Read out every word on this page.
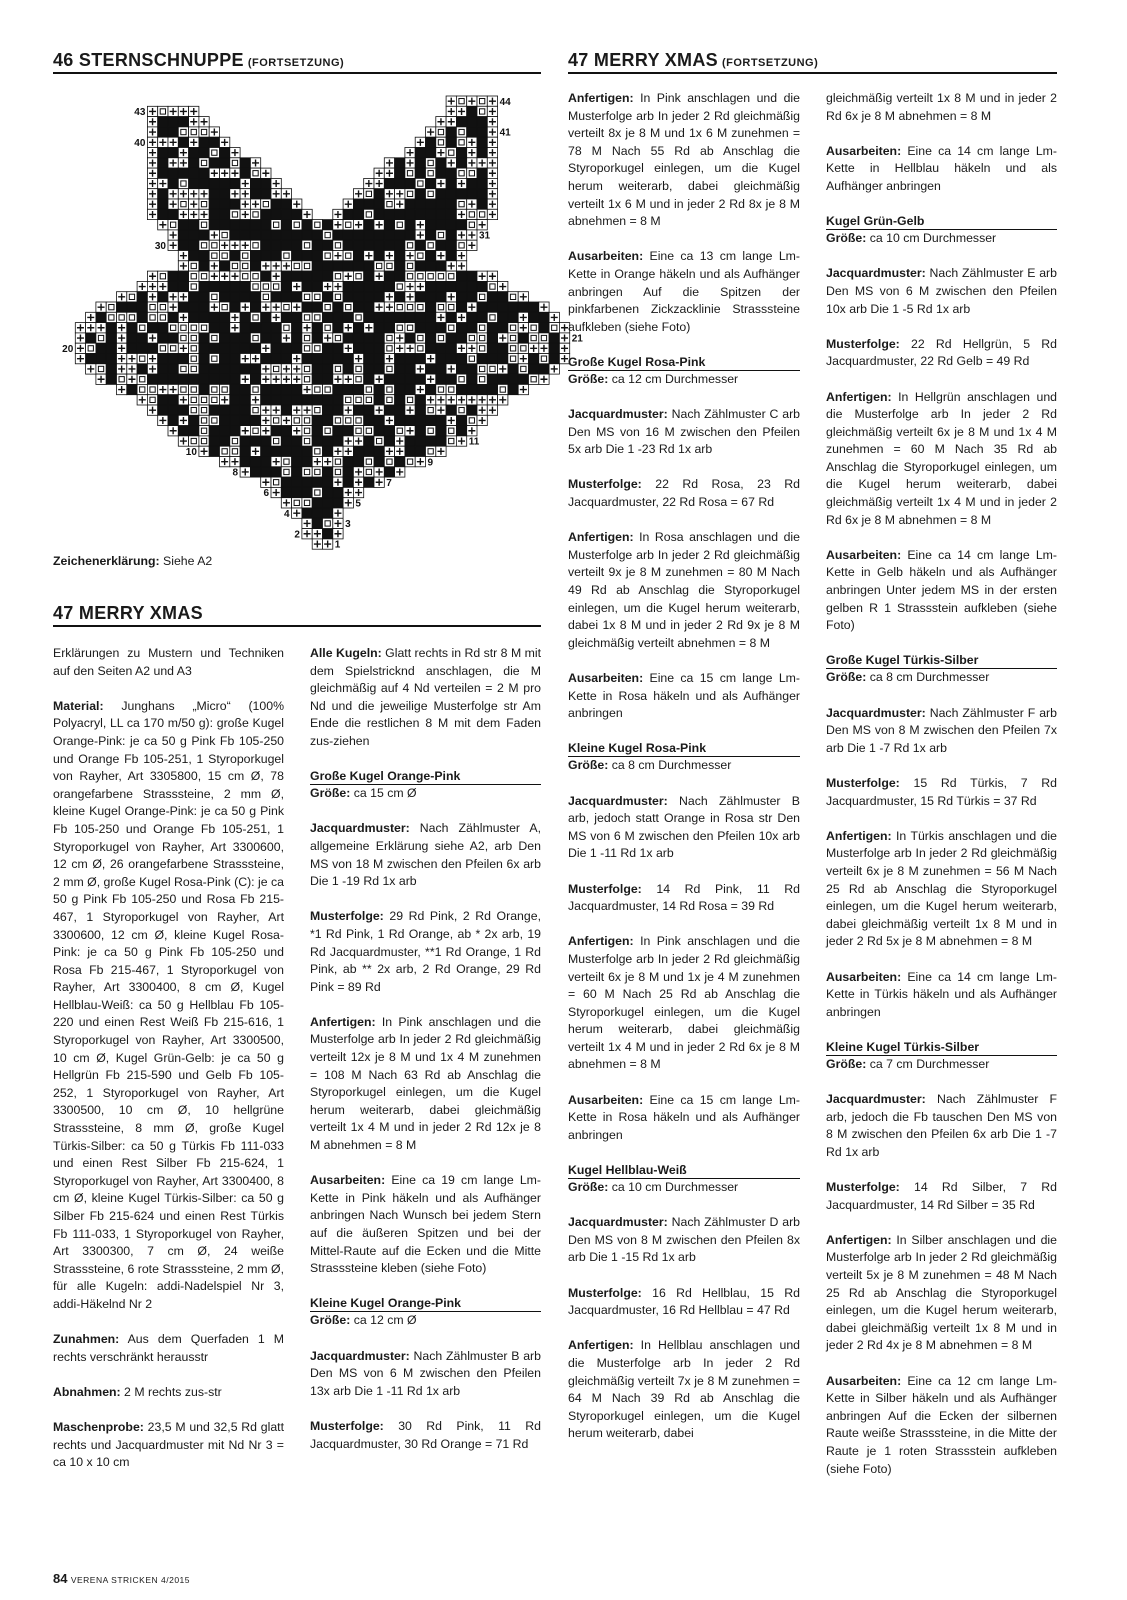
46 STERNSCHNUPPE (FORTSETZUNG)	47 MERRY XMAS (FORTSETZUNG)
43
44
40
41
30
31
20
21
10
11
8
9
6
7
4
5
2
3
1
Zeichenerklärung: Siehe A2
47 MERRY XMAS

Erklärungen zu Mustern und Techniken auf den Seiten A2 und A3

Material: Junghans „Micro“ (100% Polyacryl, LL ca 170 m/50 g): große Kugel Orange-Pink: je ca 50 g Pink Fb 105-250 und Orange Fb 105-251, 1 Styroporkugel von Rayher, Art 3305800, 15 cm Ø, 78 orangefarbene Strasssteine, 2 mm Ø, kleine Kugel Orange-Pink: je ca 50 g Pink Fb 105-250 und Orange Fb 105-251, 1 Styroporkugel von Rayher, Art 3300600, 12 cm Ø, 26 orangefarbene Strasssteine, 2 mm Ø, große Kugel Rosa-Pink (C): je ca 50 g Pink Fb 105-250 und Rosa Fb 215-467, 1 Styroporkugel von Rayher, Art 3300600, 12 cm Ø, kleine Kugel Rosa-Pink: je ca 50 g Pink Fb 105-250 und Rosa Fb 215-467, 1 Styroporkugel von Rayher, Art 3300400, 8 cm Ø, Kugel Hellblau-Weiß: ca 50 g Hellblau Fb 105-220 und einen Rest Weiß Fb 215-616, 1 Styroporkugel von Rayher, Art 3300500, 10 cm Ø, Kugel Grün-Gelb: je ca 50 g Hellgrün Fb 215-590 und Gelb Fb 105-252, 1 Styroporkugel von Rayher, Art 3300500, 10 cm Ø, 10 hellgrüne Strasssteine, 8 mm Ø, große Kugel Türkis-Silber: ca 50 g Türkis Fb 111-033 und einen Rest Silber Fb 215-624, 1 Styroporkugel von Rayher, Art 3300400, 8 cm Ø, kleine Kugel Türkis-Silber: ca 50 g Silber Fb 215-624 und einen Rest Türkis Fb 111-033, 1 Styroporkugel von Rayher, Art 3300300, 7 cm Ø, 24 weiße Strasssteine, 6 rote Strasssteine, 2 mm Ø, für alle Kugeln: addi-Nadelspiel Nr 3, addi-Häkelnd Nr 2

Zunahmen: Aus dem Querfaden 1 M rechts verschränkt herausstr

Abnahmen: 2 M rechts zus-str

Maschenprobe: 23,5 M und 32,5 Rd glatt rechts und Jacquardmuster mit Nd Nr 3 = ca 10 x 10 cm

Alle Kugeln: Glatt rechts in Rd str 8 M mit dem Spielstricknd anschlagen, die M gleichmäßig auf 4 Nd verteilen = 2 M pro Nd und die jeweilige Musterfolge str Am Ende die restlichen 8 M mit dem Faden zus-ziehen

Große Kugel Orange-Pink

Größe: ca 15 cm Ø

Jacquardmuster: Nach Zählmuster A, allgemeine Erklärung siehe A2, arb Den MS von 18 M zwischen den Pfeilen 6x arb Die 1 -19 Rd 1x arb

Musterfolge: 29 Rd Pink, 2 Rd Orange, *1 Rd Pink, 1 Rd Orange, ab * 2x arb, 19 Rd Jacquardmuster, **1 Rd Orange, 1 Rd Pink, ab ** 2x arb, 2 Rd Orange, 29 Rd Pink = 89 Rd

Anfertigen: In Pink anschlagen und die Musterfolge arb In jeder 2 Rd gleichmäßig verteilt 12x je 8 M und 1x 4 M zunehmen = 108 M Nach 63 Rd ab Anschlag die Styroporkugel einlegen, um die Kugel herum weiterarb, dabei gleichmäßig verteilt 1x 4 M und in jeder 2 Rd 12x je 8 M abnehmen = 8 M

Ausarbeiten: Eine ca 19 cm lange Lm-Kette in Pink häkeln und als Aufhänger anbringen Nach Wunsch bei jedem Stern auf die äußeren Spitzen und bei der Mittel-Raute auf die Ecken und die Mitte Strasssteine kleben (siehe Foto)

Kleine Kugel Orange-Pink

Größe: ca 12 cm Ø

Jacquardmuster: Nach Zählmuster B arb Den MS von 6 M zwischen den Pfeilen 13x arb Die 1 -11 Rd 1x arb

Musterfolge: 30 Rd Pink, 11 Rd Jacquardmuster, 30 Rd Orange = 71 Rd

Anfertigen: In Pink anschlagen und die Musterfolge arb In jeder 2 Rd gleichmäßig verteilt 8x je 8 M und 1x 6 M zunehmen = 78 M Nach 55 Rd ab Anschlag die Styroporkugel einlegen, um die Kugel herum weiterarb, dabei gleichmäßig verteilt 1x 6 M und in jeder 2 Rd 8x je 8 M abnehmen = 8 M

Ausarbeiten: Eine ca 13 cm lange Lm-Kette in Orange häkeln und als Aufhänger anbringen Auf die Spitzen der pinkfarbenen Zickzacklinie Strasssteine aufkleben (siehe Foto)

Große Kugel Rosa-Pink

Größe: ca 12 cm Durchmesser

Jacquardmuster: Nach Zählmuster C arb Den MS von 16 M zwischen den Pfeilen 5x arb Die 1 -23 Rd 1x arb

Musterfolge: 22 Rd Rosa, 23 Rd Jacquardmuster, 22 Rd Rosa = 67 Rd

Anfertigen: In Rosa anschlagen und die Musterfolge arb In jeder 2 Rd gleichmäßig verteilt 9x je 8 M zunehmen = 80 M Nach 49 Rd ab Anschlag die Styroporkugel einlegen, um die Kugel herum weiterarb, dabei 1x 8 M und in jeder 2 Rd 9x je 8 M gleichmäßig verteilt abnehmen = 8 M

Ausarbeiten: Eine ca 15 cm lange Lm-Kette in Rosa häkeln und als Aufhänger anbringen

Kleine Kugel Rosa-Pink

Größe: ca 8 cm Durchmesser

Jacquardmuster: Nach Zählmuster B arb, jedoch statt Orange in Rosa str Den MS von 6 M zwischen den Pfeilen 10x arb Die 1 -11 Rd 1x arb

Musterfolge: 14 Rd Pink, 11 Rd Jacquardmuster, 14 Rd Rosa = 39 Rd

Anfertigen: In Pink anschlagen und die Musterfolge arb In jeder 2 Rd gleichmäßig verteilt 6x je 8 M und 1x je 4 M zunehmen = 60 M Nach 25 Rd ab Anschlag die Styroporkugel einlegen, um die Kugel herum weiterarb, dabei gleichmäßig verteilt 1x 4 M und in jeder 2 Rd 6x je 8 M abnehmen = 8 M

Ausarbeiten: Eine ca 15 cm lange Lm-Kette in Rosa häkeln und als Aufhänger anbringen

Kugel Hellblau-Weiß

Größe: ca 10 cm Durchmesser

Jacquardmuster: Nach Zählmuster D arb Den MS von 8 M zwischen den Pfeilen 8x arb Die 1 -15 Rd 1x arb

Musterfolge: 16 Rd Hellblau, 15 Rd Jacquardmuster, 16 Rd Hellblau = 47 Rd

Anfertigen: In Hellblau anschlagen und die Musterfolge arb In jeder 2 Rd gleichmäßig verteilt 7x je 8 M zunehmen = 64 M Nach 39 Rd ab Anschlag die Styroporkugel einlegen, um die Kugel herum weiterarb, dabei

gleichmäßig verteilt 1x 8 M und in jeder 2 Rd 6x je 8 M abnehmen = 8 M

Ausarbeiten: Eine ca 14 cm lange Lm-Kette in Hellblau häkeln und als Aufhänger anbringen

Kugel Grün-Gelb

Größe: ca 10 cm Durchmesser

Jacquardmuster: Nach Zählmuster E arb Den MS von 6 M zwischen den Pfeilen 10x arb Die 1 -5 Rd 1x arb

Musterfolge: 22 Rd Hellgrün, 5 Rd Jacquardmuster, 22 Rd Gelb = 49 Rd

Anfertigen: In Hellgrün anschlagen und die Musterfolge arb In jeder 2 Rd gleichmäßig verteilt 6x je 8 M und 1x 4 M zunehmen = 60 M Nach 35 Rd ab Anschlag die Styroporkugel einlegen, um die Kugel herum weiterarb, dabei gleichmäßig verteilt 1x 4 M und in jeder 2 Rd 6x je 8 M abnehmen = 8 M

Ausarbeiten: Eine ca 14 cm lange Lm-Kette in Gelb häkeln und als Aufhänger anbringen Unter jedem MS in der ersten gelben R 1 Strassstein aufkleben (siehe Foto)

Große Kugel Türkis-Silber

Größe: ca 8 cm Durchmesser

Jacquardmuster: Nach Zählmuster F arb Den MS von 8 M zwischen den Pfeilen 7x arb Die 1 -7 Rd 1x arb

Musterfolge: 15 Rd Türkis, 7 Rd Jacquardmuster, 15 Rd Türkis = 37 Rd

Anfertigen: In Türkis anschlagen und die Musterfolge arb In jeder 2 Rd gleichmäßig verteilt 6x je 8 M zunehmen = 56 M Nach 25 Rd ab Anschlag die Styroporkugel einlegen, um die Kugel herum weiterarb, dabei gleichmäßig verteilt 1x 8 M und in jeder 2 Rd 5x je 8 M abnehmen = 8 M

Ausarbeiten: Eine ca 14 cm lange Lm-Kette in Türkis häkeln und als Aufhänger anbringen

Kleine Kugel Türkis-Silber

Größe: ca 7 cm Durchmesser

Jacquardmuster: Nach Zählmuster F arb, jedoch die Fb tauschen Den MS von 8 M zwischen den Pfeilen 6x arb Die 1 -7 Rd 1x arb

Musterfolge: 14 Rd Silber, 7 Rd Jacquardmuster, 14 Rd Silber = 35 Rd

Anfertigen: In Silber anschlagen und die Musterfolge arb In jeder 2 Rd gleichmäßig verteilt 5x je 8 M zunehmen = 48 M Nach 25 Rd ab Anschlag die Styroporkugel einlegen, um die Kugel herum weiterarb, dabei gleichmäßig verteilt 1x 8 M und in jeder 2 Rd 4x je 8 M abnehmen = 8 M

Ausarbeiten: Eine ca 12 cm lange Lm-Kette in Silber häkeln und als Aufhänger anbringen Auf die Ecken der silbernen Raute weiße Strasssteine, in die Mitte der Raute je 1 roten Strassstein aufkleben (siehe Foto)

84 VERENA STRICKEN 4/2015
